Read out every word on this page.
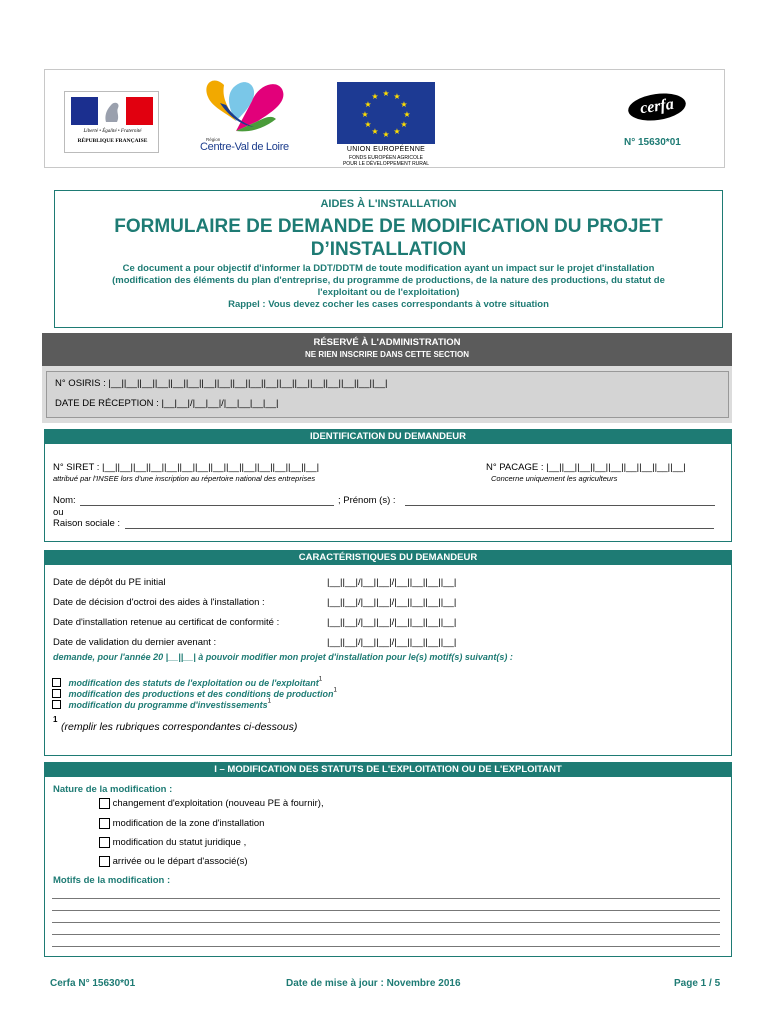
Liberté • Égalité • Fraternité
RÉPUBLIQUE FRANÇAISE	Région
Centre-Val de Loire
★ ★
★
★
★
★
★
★
★
★
★
★
UNION EUROPÉENNE
FONDS EUROPÉEN AGRICOLE
POUR LE DÉVELOPPEMENT RURAL
cerfa
N° 15630*01
AIDES À L'INSTALLATION
FORMULAIRE DE DEMANDE DE MODIFICATION DU PROJET
D’INSTALLATION
Ce document a pour objectif d'informer la DDT/DDTM de toute modification ayant un impact sur le projet d'installation
(modification des éléments du plan d'entreprise, du programme de productions, de la nature des productions, du statut de
l'exploitant ou de l'exploitation)
Rappel : Vous devez cocher les cases correspondants à votre situation
RÉSERVÉ À L'ADMINISTRATION
NE RIEN INSCRIRE DANS CETTE SECTION
N° OSIRIS : |__||__||__||__||__||__||__||__||__||__||__||__||__||__||__||__||__||__|
DATE DE RÉCEPTION : |__|__|/|__|__|/|__|__|__|__|
IDENTIFICATION DU DEMANDEUR
N° SIRET : |__||__||__||__||__||__||__||__||__||__||__||__||__||__|
attribué par l'INSEE lors d'une inscription au répertoire national des entreprises
N° PACAGE : |__||__||__||__||__||__||__||__||__|
Concerne uniquement les agriculteurs
Nom:	; Prénom (s) :
ou
Raison sociale :
CARACTÉRISTIQUES DU DEMANDEUR
Date de dépôt du PE initial	|__||__|/|__||__|/|__||__||__||__|
Date de décision d'octroi des aides à l'installation :	|__||__|/|__||__|/|__||__||__||__|
Date d'installation retenue au certificat de conformité :	|__||__|/|__||__|/|__||__||__||__|
Date de validation du dernier avenant :	|__||__|/|__||__|/|__||__||__||__|
demande, pour l'année 20 |__||__| à pouvoir modifier mon projet d'installation pour le(s) motif(s) suivant(s) :
modification des statuts de l'exploitation ou de l'exploitant$^1$
modification des productions et des conditions de production$^1$
modification du programme d'investissements$^1$
1
(remplir les rubriques correspondantes ci-dessous)
I – MODIFICATION DES STATUTS DE L'EXPLOITATION OU DE L'EXPLOITANT
Nature de la modification :
changement d'exploitation (nouveau PE à fournir),
modification de la zone d'installation
modification du statut juridique ,
arrivée ou le départ d'associé(s)
Motifs de la modification :
Cerfa N° 15630*01	Date de mise à jour : Novembre 2016	Page 1 / 5
